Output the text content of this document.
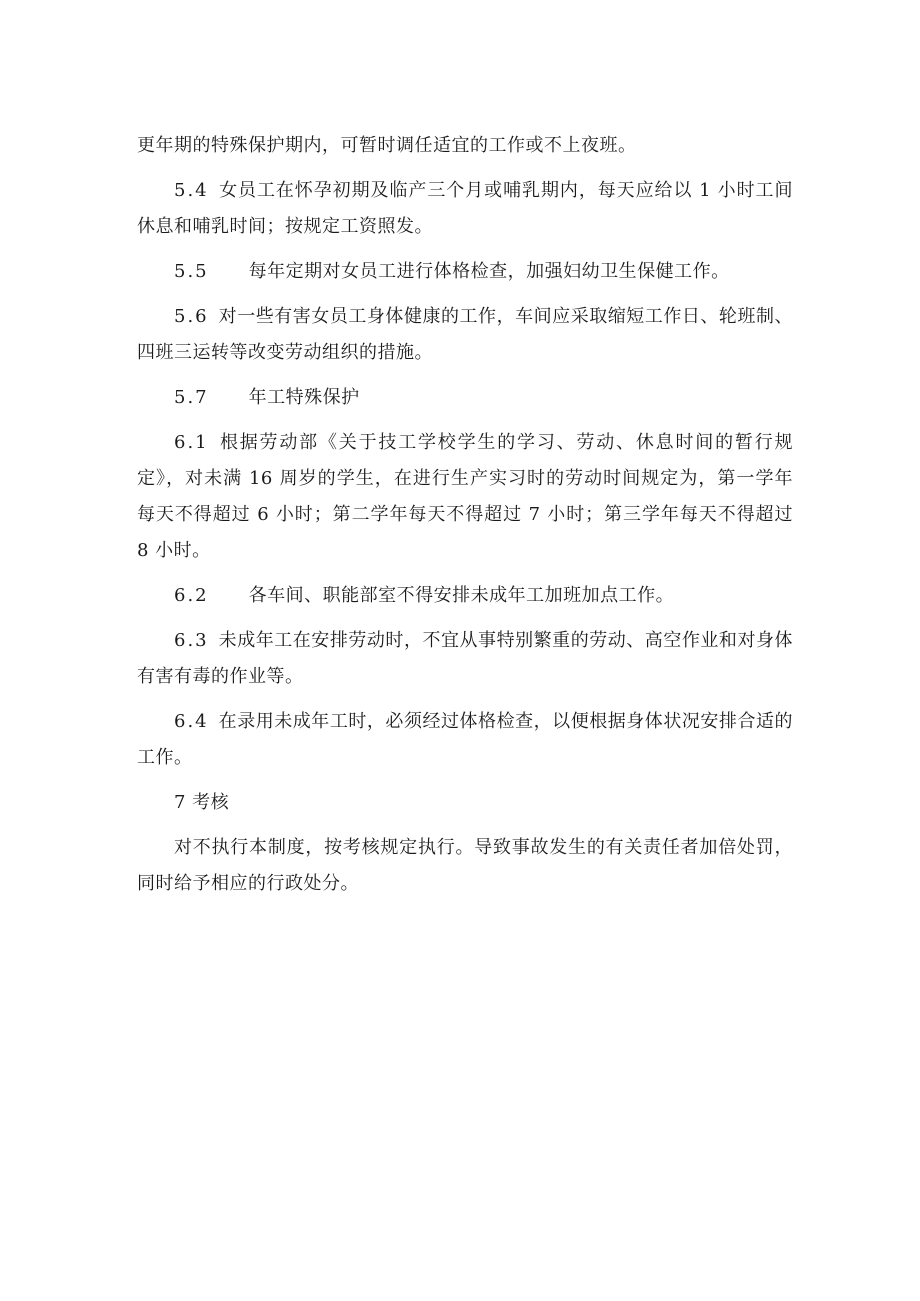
更年期的特殊保护期内，可暂时调任适宜的工作或不上夜班。

5.4 女员工在怀孕初期及临产三个月或哺乳期内，每天应给以 1 小时工间休息和哺乳时间；按规定工资照发。

5.5 每年定期对女员工进行体格检查，加强妇幼卫生保健工作。

5.6 对一些有害女员工身体健康的工作，车间应采取缩短工作日、轮班制、四班三运转等改变劳动组织的措施。

5.7 年工特殊保护

6.1 根据劳动部《关于技工学校学生的学习、劳动、休息时间的暂行规定》，对未满 16 周岁的学生，在进行生产实习时的劳动时间规定为，第一学年每天不得超过 6 小时；第二学年每天不得超过 7 小时；第三学年每天不得超过 8 小时。

6.2 各车间、职能部室不得安排未成年工加班加点工作。

6.3 未成年工在安排劳动时，不宜从事特别繁重的劳动、高空作业和对身体有害有毒的作业等。

6.4 在录用未成年工时，必须经过体格检查，以便根据身体状况安排合适的工作。

7 考核

对不执行本制度，按考核规定执行。导致事故发生的有关责任者加倍处罚，同时给予相应的行政处分。
